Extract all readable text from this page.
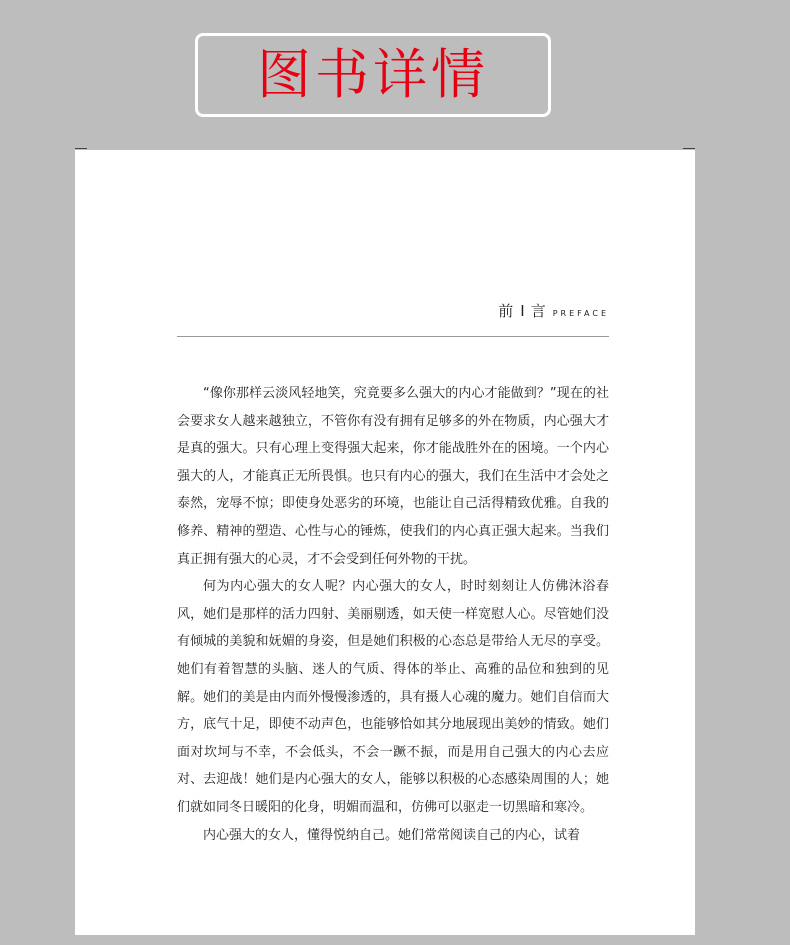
图书详情
前 I 言 PREFACE

“像你那样云淡风轻地笑，究竟要多么强大的内心才能做到？”现在的社会要求女人越来越独立，不管你有没有拥有足够多的外在物质，内心强大才是真的强大。只有心理上变得强大起来，你才能战胜外在的困境。一个内心强大的人，才能真正无所畏惧。也只有内心的强大，我们在生活中才会处之泰然，宠辱不惊；即使身处恶劣的环境，也能让自己活得精致优雅。自我的修养、精神的塑造、心性与心的锤炼，使我们的内心真正强大起来。当我们真正拥有强大的心灵，才不会受到任何外物的干扰。

何为内心强大的女人呢？内心强大的女人，时时刻刻让人仿佛沐浴春风，她们是那样的活力四射、美丽剔透，如天使一样宽慰人心。尽管她们没有倾城的美貌和妩媚的身姿，但是她们积极的心态总是带给人无尽的享受。她们有着智慧的头脑、迷人的气质、得体的举止、高雅的品位和独到的见解。她们的美是由内而外慢慢渗透的，具有摄人心魂的魔力。她们自信而大方，底气十足，即使不动声色，也能够恰如其分地展现出美妙的情致。她们面对坎坷与不幸，不会低头，不会一蹶不振，而是用自己强大的内心去应对、去迎战！她们是内心强大的女人，能够以积极的心态感染周围的人；她们就如同冬日暖阳的化身，明媚而温和，仿佛可以驱走一切黑暗和寒冷。

内心强大的女人，懂得悦纳自己。她们常常阅读自己的内心，试着
